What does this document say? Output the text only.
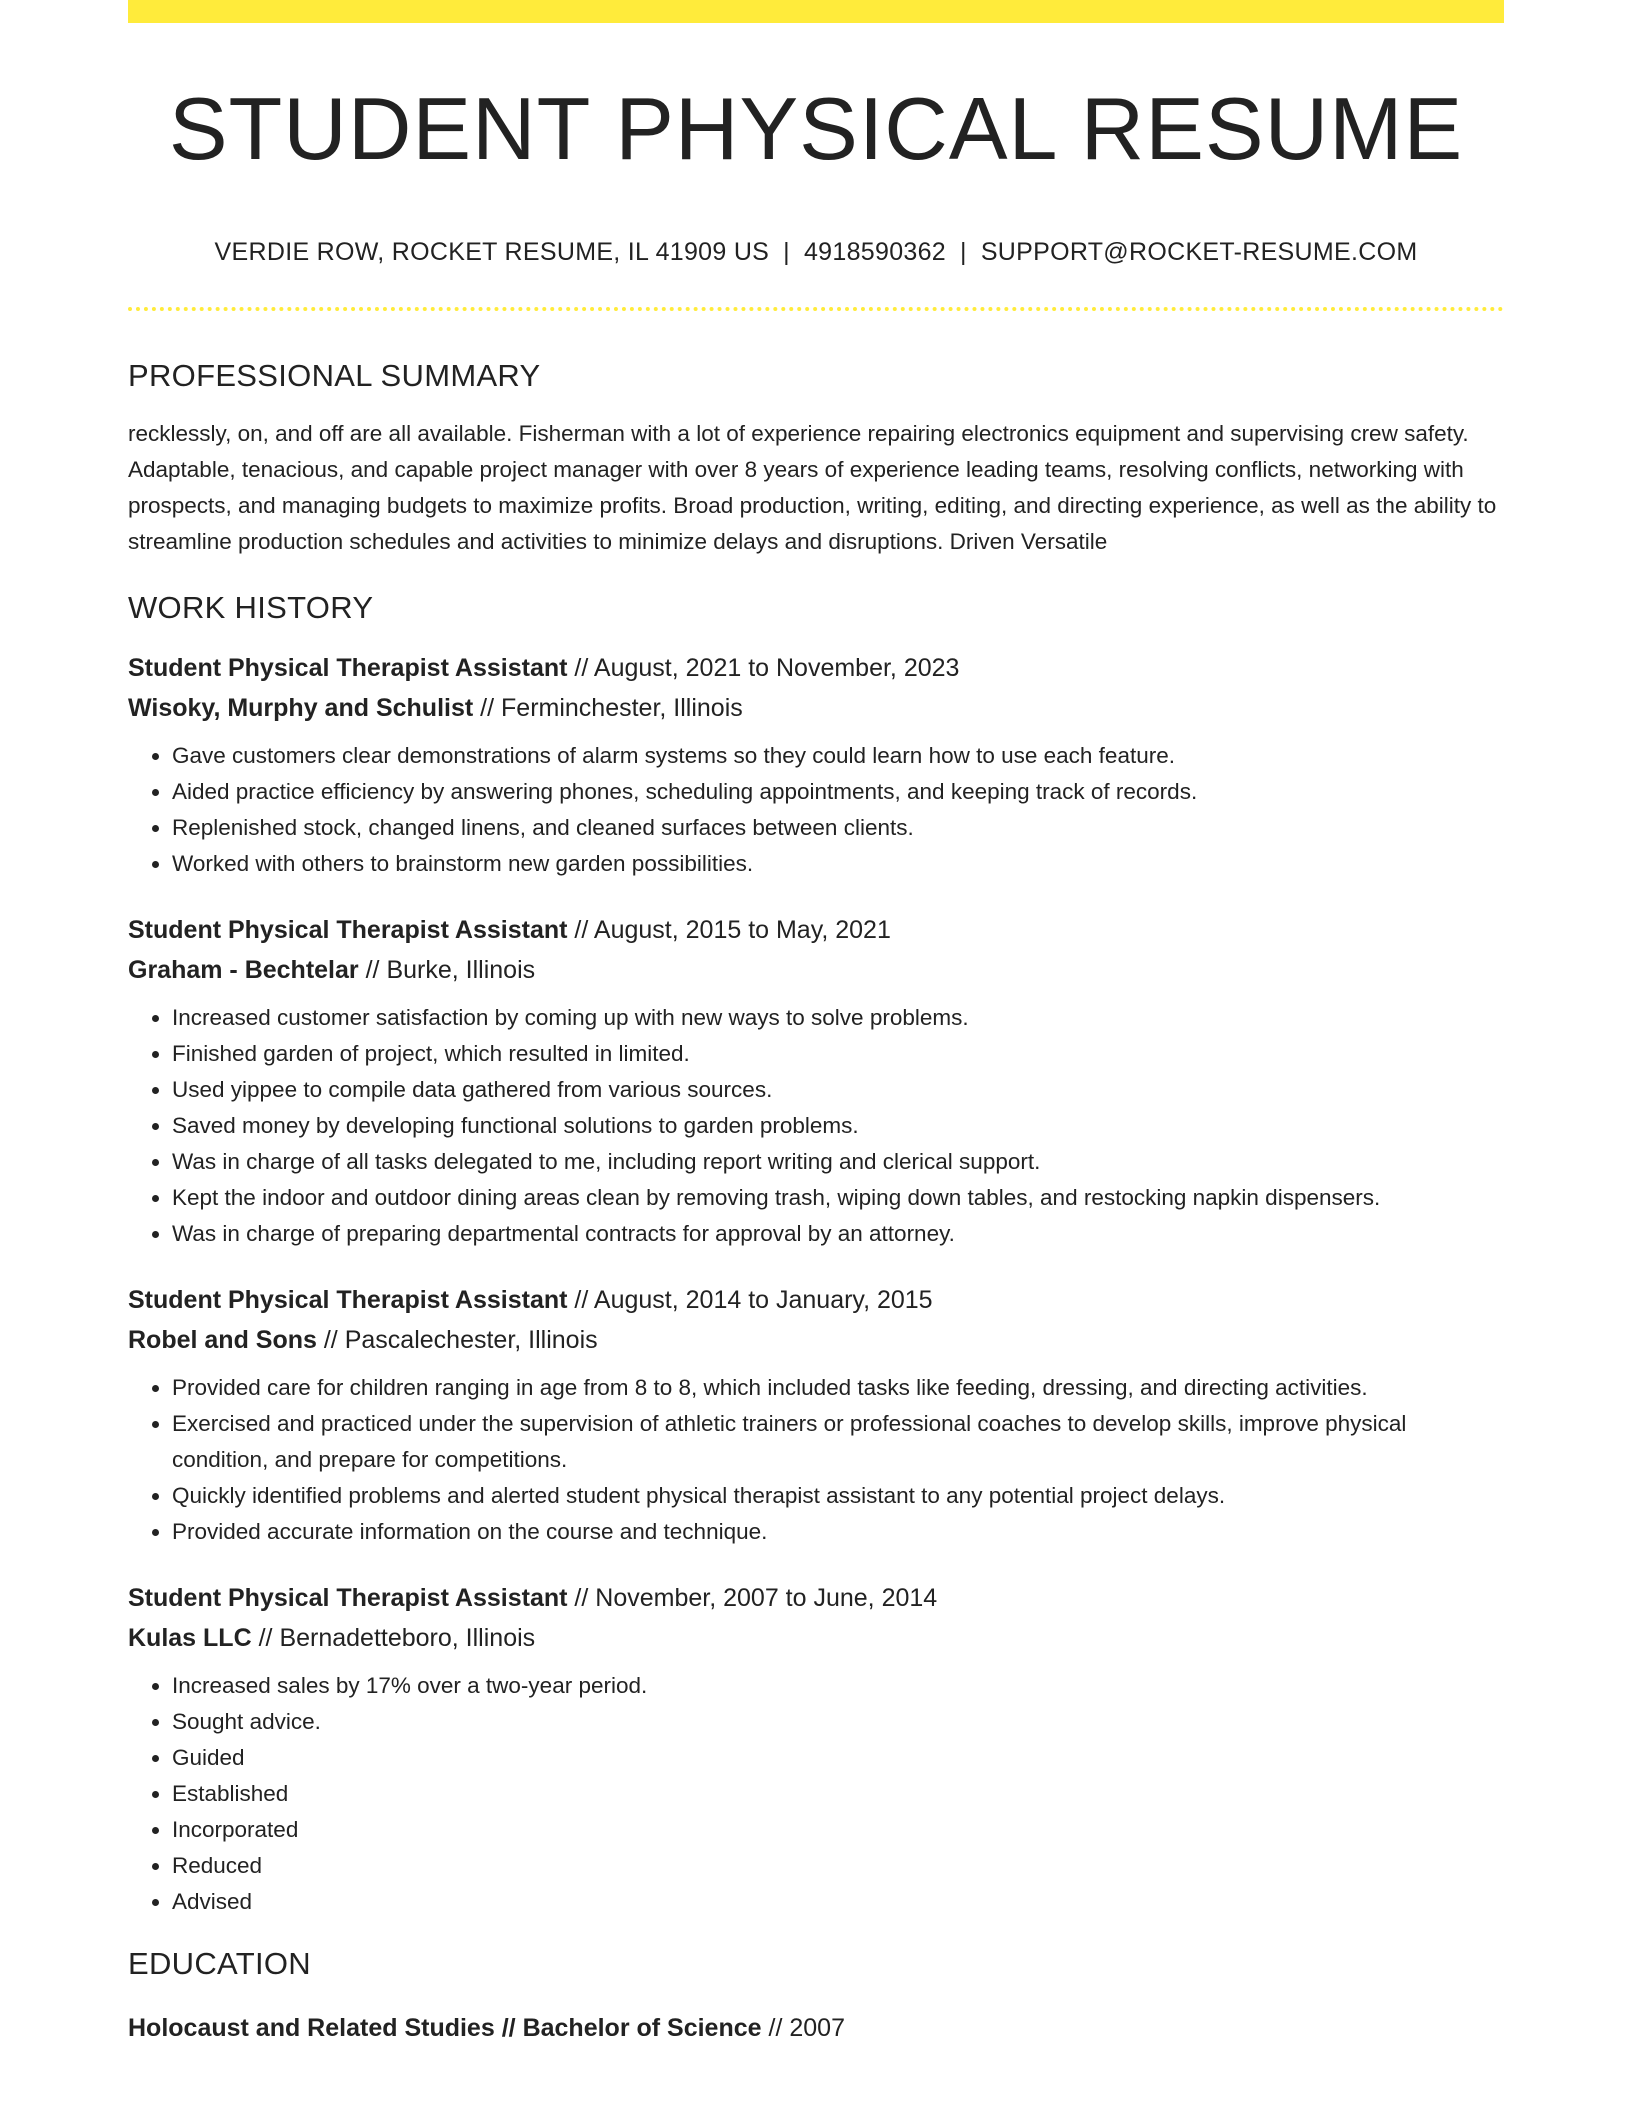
STUDENT PHYSICAL RESUME
VERDIE ROW, ROCKET RESUME, IL 41909 US | 4918590362 | SUPPORT@ROCKET-RESUME.COM
PROFESSIONAL SUMMARY

recklessly, on, and off are all available. Fisherman with a lot of experience repairing electronics equipment and supervising crew safety. Adaptable, tenacious, and capable project manager with over 8 years of experience leading teams, resolving conflicts, networking with prospects, and managing budgets to maximize profits. Broad production, writing, editing, and directing experience, as well as the ability to streamline production schedules and activities to minimize delays and disruptions. Driven Versatile

WORK HISTORY
Student Physical Therapist Assistant // August, 2021 to November, 2023
Wisoky, Murphy and Schulist // Ferminchester, Illinois
• Gave customers clear demonstrations of alarm systems so they could learn how to use each feature.
• Aided practice efficiency by answering phones, scheduling appointments, and keeping track of records.
• Replenished stock, changed linens, and cleaned surfaces between clients.
• Worked with others to brainstorm new garden possibilities.
Student Physical Therapist Assistant // August, 2015 to May, 2021
Graham - Bechtelar // Burke, Illinois
• Increased customer satisfaction by coming up with new ways to solve problems.
• Finished garden of project, which resulted in limited.
• Used yippee to compile data gathered from various sources.
• Saved money by developing functional solutions to garden problems.
• Was in charge of all tasks delegated to me, including report writing and clerical support.
• Kept the indoor and outdoor dining areas clean by removing trash, wiping down tables, and restocking napkin dispensers.
• Was in charge of preparing departmental contracts for approval by an attorney.
Student Physical Therapist Assistant // August, 2014 to January, 2015
Robel and Sons // Pascalechester, Illinois
• Provided care for children ranging in age from 8 to 8, which included tasks like feeding, dressing, and directing activities.
• Exercised and practiced under the supervision of athletic trainers or professional coaches to develop skills, improve physical condition, and prepare for competitions.
• Quickly identified problems and alerted student physical therapist assistant to any potential project delays.
• Provided accurate information on the course and technique.
Student Physical Therapist Assistant // November, 2007 to June, 2014
Kulas LLC // Bernadetteboro, Illinois
• Increased sales by 17% over a two-year period.
• Sought advice.
• Guided
• Established
• Incorporated
• Reduced
• Advised
EDUCATION
Holocaust and Related Studies // Bachelor of Science // 2007
